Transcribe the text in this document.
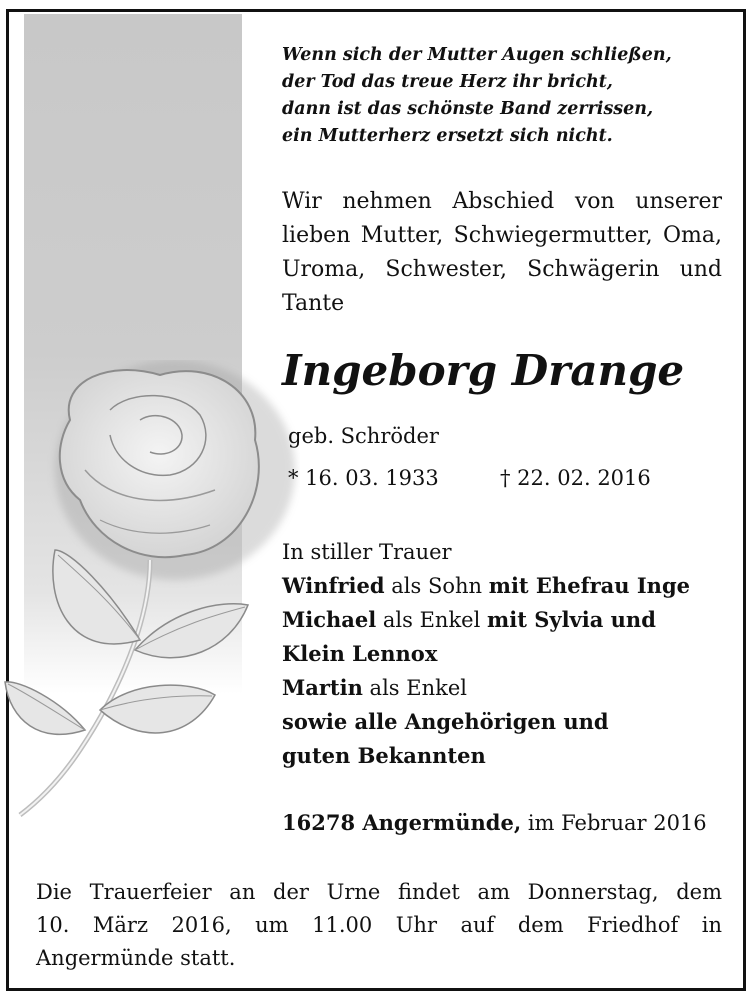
Wenn sich der Mutter Augen schließen,
der Tod das treue Herz ihr bricht,
dann ist das schönste Band zerrissen,
ein Mutterherz ersetzt sich nicht.
Wir nehmen Abschied von unserer lieben Mutter, Schwiegermutter, Oma, Uroma, Schwester, Schwägerin und Tante
Ingeborg Drange
geb. Schröder
* 16. 03. 1933	† 22. 02. 2016
In stiller Trauer
Winfried als Sohn mit Ehefrau Inge
Michael als Enkel mit Sylvia und
Klein Lennox
Martin als Enkel
sowie alle Angehörigen und
guten Bekannten
16278 Angermünde, im Februar 2016
Die Trauerfeier an der Urne findet am Donnerstag, dem
10. März 2016, um 11.00 Uhr auf dem Friedhof in
Angermünde statt.
